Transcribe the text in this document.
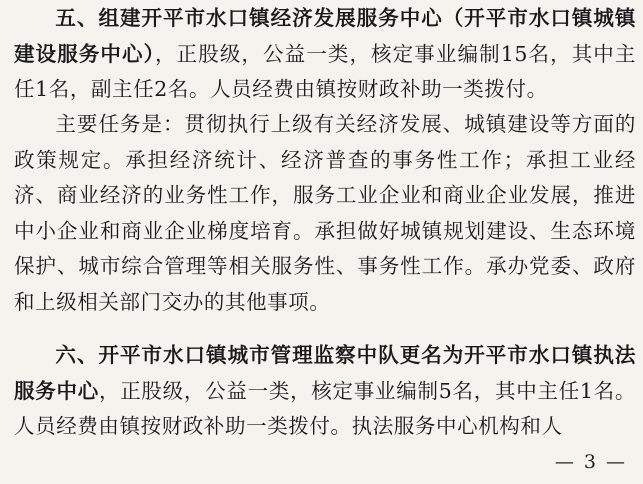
五、组建开平市水口镇经济发展服务中心（开平市水口镇城镇建设服务中心），正股级，公益一类，核定事业编制15名，其中主任1名，副主任2名。人员经费由镇按财政补助一类拨付。

主要任务是：贯彻执行上级有关经济发展、城镇建设等方面的政策规定。承担经济统计、经济普查的事务性工作；承担工业经济、商业经济的业务性工作，服务工业企业和商业企业发展，推进中小企业和商业企业梯度培育。承担做好城镇规划建设、生态环境保护、城市综合管理等相关服务性、事务性工作。承办党委、政府和上级相关部门交办的其他事项。

六、开平市水口镇城市管理监察中队更名为开平市水口镇执法服务中心，正股级，公益一类，核定事业编制5名，其中主任1名。人员经费由镇按财政补助一类拨付。执法服务中心机构和人

— 3 —
